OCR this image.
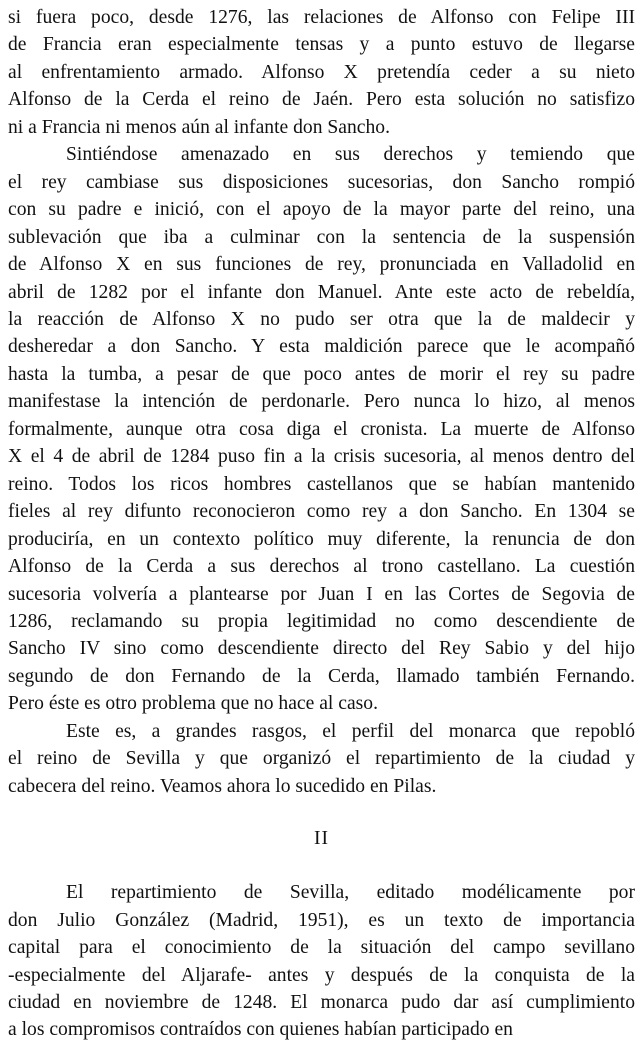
si fuera poco, desde 1276, las relaciones de Alfonso con Felipe III
de Francia eran especialmente tensas y a punto estuvo de llegarse
al enfrentamiento armado. Alfonso X pretendía ceder a su nieto
Alfonso de la Cerda el reino de Jaén. Pero esta solución no satisfizo
ni a Francia ni menos aún al infante don Sancho.
Sintiéndose amenazado en sus derechos y temiendo que
el rey cambiase sus disposiciones sucesorias, don Sancho rompió
con su padre e inició, con el apoyo de la mayor parte del reino, una
sublevación que iba a culminar con la sentencia de la suspensión
de Alfonso X en sus funciones de rey, pronunciada en Valladolid en
abril de 1282 por el infante don Manuel. Ante este acto de rebeldía,
la reacción de Alfonso X no pudo ser otra que la de maldecir y
desheredar a don Sancho. Y esta maldición parece que le acompañó
hasta la tumba, a pesar de que poco antes de morir el rey su padre
manifestase la intención de perdonarle. Pero nunca lo hizo, al menos
formalmente, aunque otra cosa diga el cronista. La muerte de Alfonso
X el 4 de abril de 1284 puso fin a la crisis sucesoria, al menos dentro del
reino. Todos los ricos hombres castellanos que se habían mantenido
fieles al rey difunto reconocieron como rey a don Sancho. En 1304 se
produciría, en un contexto político muy diferente, la renuncia de don
Alfonso de la Cerda a sus derechos al trono castellano. La cuestión
sucesoria volvería a plantearse por Juan I en las Cortes de Segovia de
1286, reclamando su propia legitimidad no como descendiente de
Sancho IV sino como descendiente directo del Rey Sabio y del hijo
segundo de don Fernando de la Cerda, llamado también Fernando.
Pero éste es otro problema que no hace al caso.
Este es, a grandes rasgos, el perfil del monarca que repobló
el reino de Sevilla y que organizó el repartimiento de la ciudad y
cabecera del reino. Veamos ahora lo sucedido en Pilas.
II
El repartimiento de Sevilla, editado modélicamente por
don Julio González (Madrid, 1951), es un texto de importancia
capital para el conocimiento de la situación del campo sevillano
-especialmente del Aljarafe- antes y después de la conquista de la
ciudad en noviembre de 1248. El monarca pudo dar así cumplimiento
a los compromisos contraídos con quienes habían participado en
